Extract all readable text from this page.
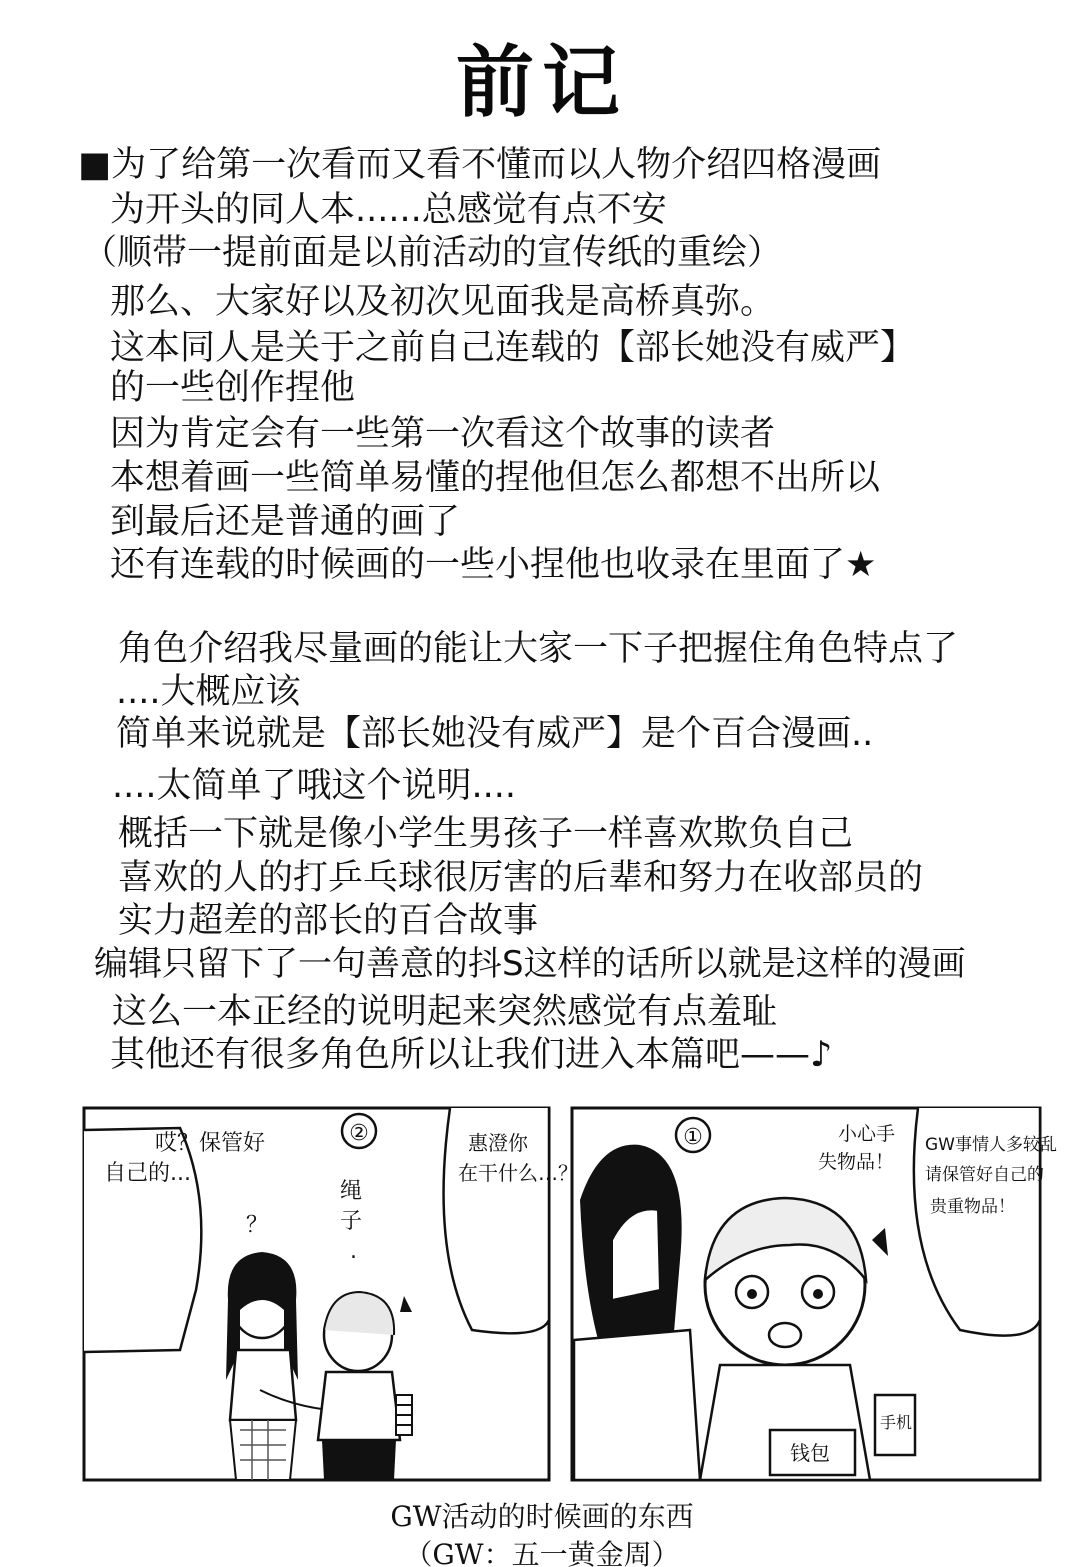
前记
■为了给第一次看而又看不懂而以人物介绍四格漫画
为开头的同人本......总感觉有点不安
（顺带一提前面是以前活动的宣传纸的重绘）
那么、大家好以及初次见面我是高桥真弥。
这本同人是关于之前自己连载的【部长她没有威严】
的一些创作捏他
因为肯定会有一些第一次看这个故事的读者
本想着画一些简单易懂的捏他但怎么都想不出所以
到最后还是普通的画了
还有连载的时候画的一些小捏他也收录在里面了★
角色介绍我尽量画的能让大家一下子把握住角色特点了
....大概应该
简单来说就是【部长她没有威严】是个百合漫画..
....太简单了哦这个说明....
概括一下就是像小学生男孩子一样喜欢欺负自己
喜欢的人的打乒乓球很厉害的后辈和努力在收部员的
实力超差的部长的百合故事
编辑只留下了一句善意的抖S这样的话所以就是这样的漫画
这么一本正经的说明起来突然感觉有点羞耻
其他还有很多角色所以让我们进入本篇吧——♪
②
哎？保管好
自己的...
？
绳
子
.
惠澄你
在干什么…？
①	小心手
失物品！
GW事情人多较乱
请保管好自己的
贵重物品！
手机
钱包
GW活动的时候画的东西
（GW：五一黄金周）
